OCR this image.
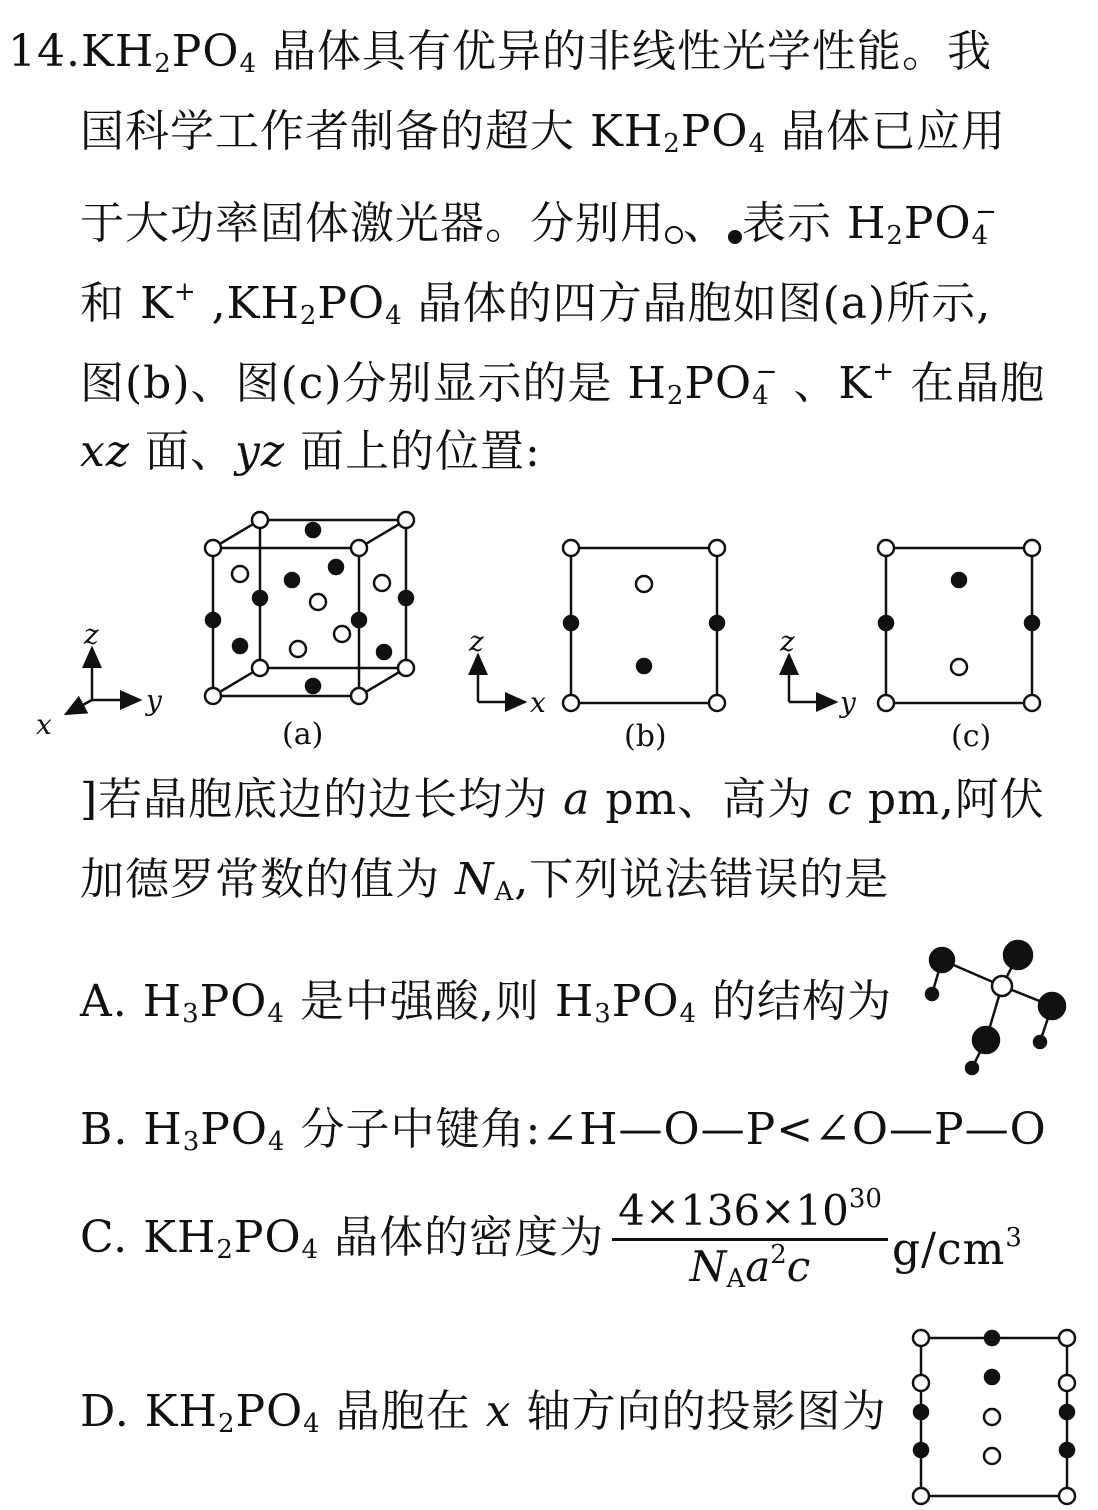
$14.KH_2PO_4$ 晶体具有优异的非线性光学性能。我
国科学工作者制备的超大 $KH_2PO_4$ 晶体已应用
于大功率固体激光器。分别用 、 表示 $H_2PO_4^-$
和 K+ $,KH_2PO_4$ 晶体的四方晶胞如图(a)所示,
图(b)、图(c)分别显示的是 $H_2PO_4^-$ 、K+ 在晶胞
xz 面、yz 面上的位置:
(a)	(b)	(c)
z
y
x
z
x
z
y
]若晶胞底边的边长均为 a pm、高为 c pm,阿伏
加德罗常数的值为 $N_A$,下列说法错误的是
A. $H_3PO_4$ 是中强酸,则 $H_3PO_4$ 的结构为
B. $H_3PO_4$ 分子中键角:∠H—O—P<∠O—P—O
C. $KH_2PO_4$ 晶体的密度为
$4\times 136\times 10^{30}$
$N_Aa^2c$	$g/cm^3$
D. $KH_2PO_4$ 晶胞在 x 轴方向的投影图为
